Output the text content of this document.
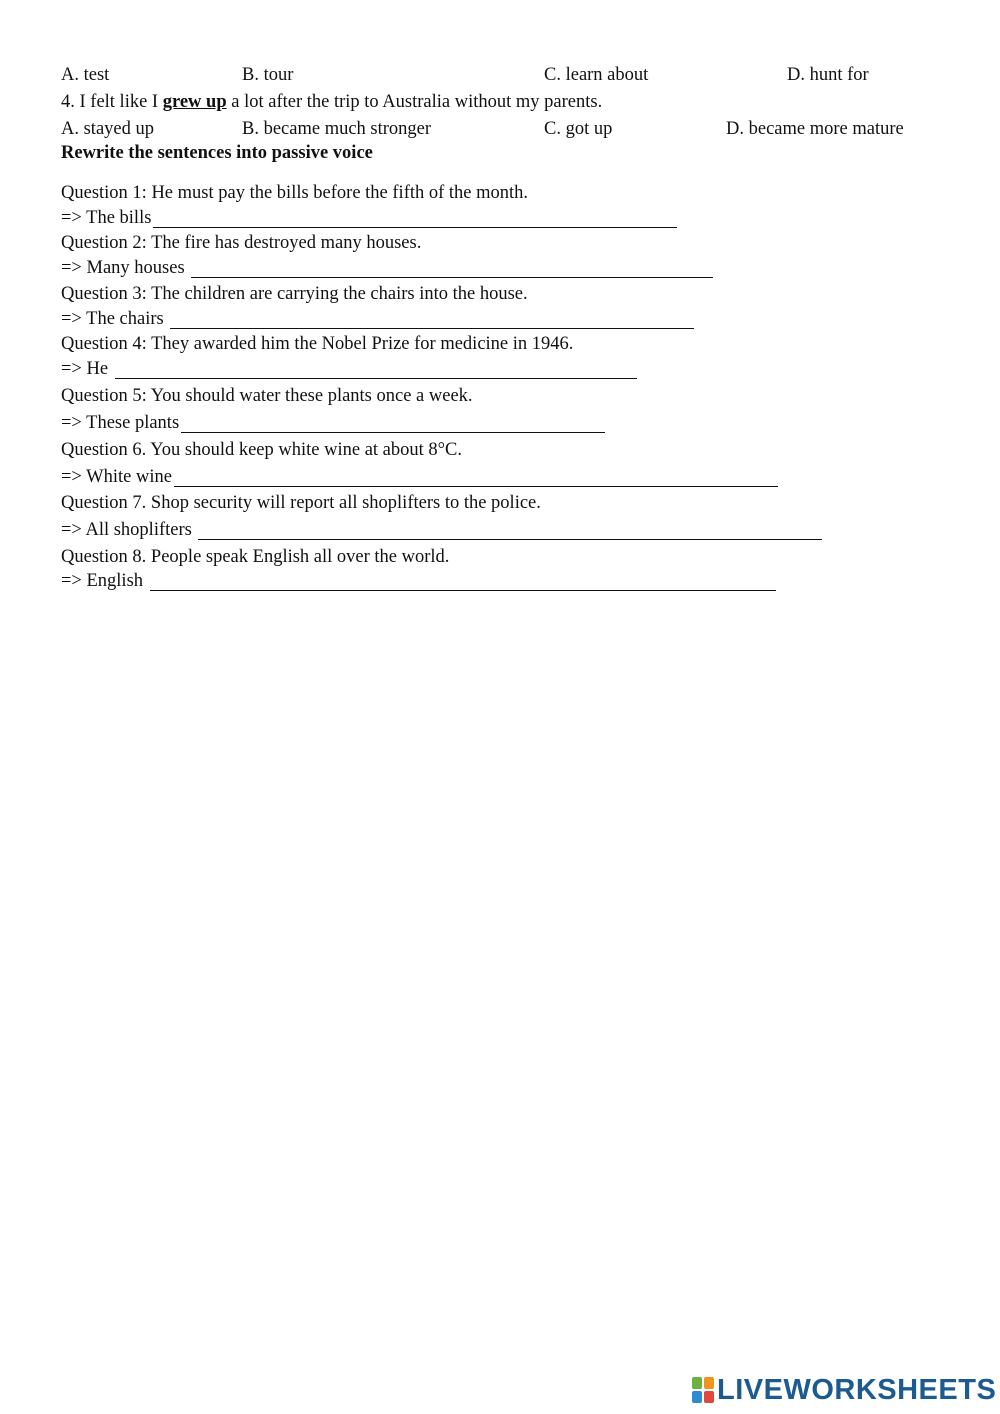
A. test	B. tour	C. learn about	D. hunt for
4. I felt like I grew up a lot after the trip to Australia without my parents.
A. stayed up	B. became much stronger	C. got up	D. became more mature
Rewrite the sentences into passive voice
Question 1: He must pay the bills before the fifth of the month.
=> The bills
Question 2: The fire has destroyed many houses.
=> Many houses
Question 3: The children are carrying the chairs into the house.
=> The chairs
Question 4: They awarded him the Nobel Prize for medicine in 1946.
=> He
Question 5: You should water these plants once a week.
=> These plants
Question 6. You should keep white wine at about 8°C.
=> White wine
Question 7. Shop security will report all shoplifters to the police.
=> All shoplifters
Question 8. People speak English all over the world.
=> English
LIVEWORKSHEETS
